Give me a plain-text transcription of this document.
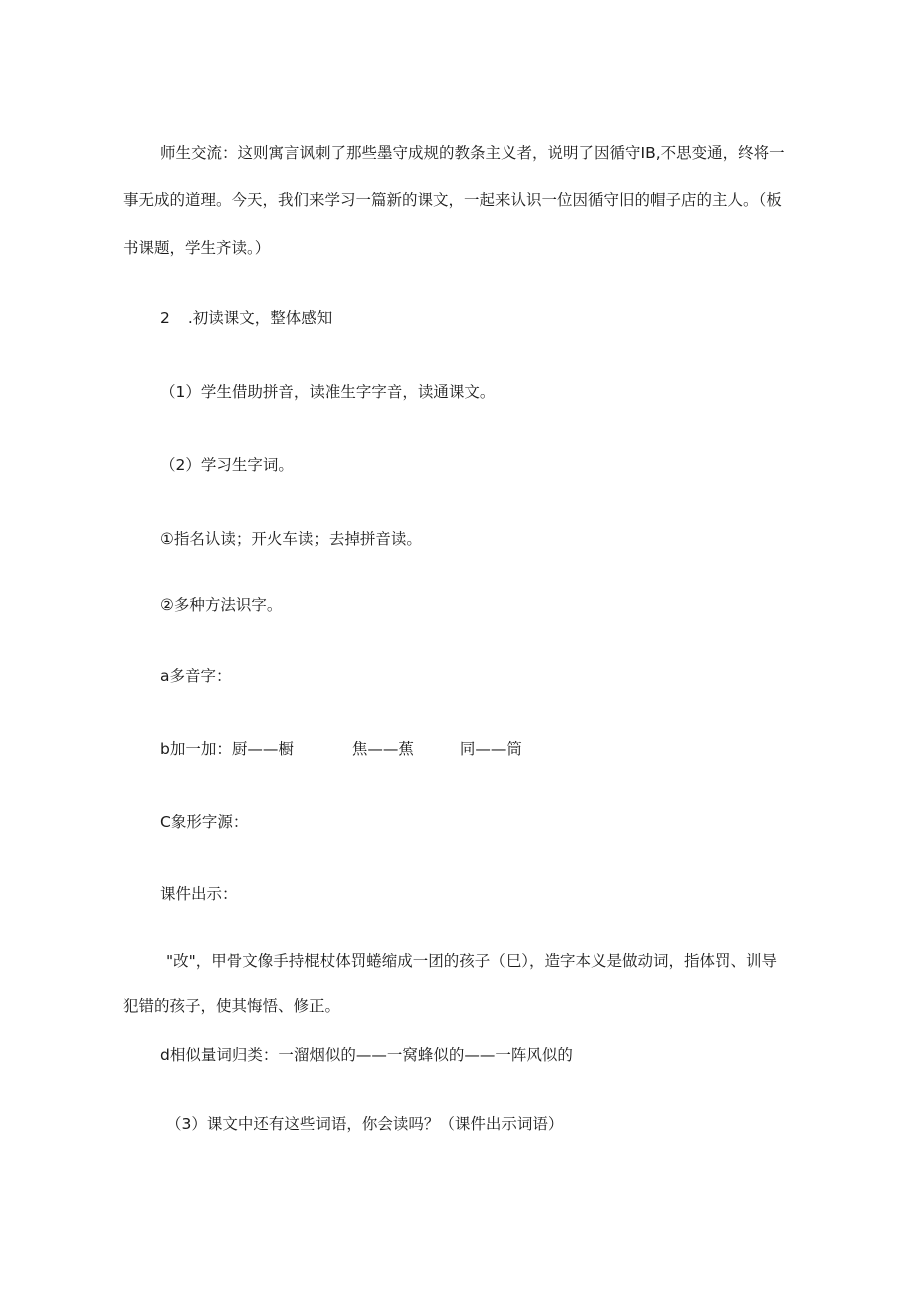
师生交流：这则寓言讽刺了那些墨守成规的教条主义者，说明了因循守IB,不思变通，终将一

事无成的道理。今天，我们来学习一篇新的课文，一起来认识一位因循守旧的帽子店的主人。（板

书课题，学生齐读。）

2 .初读课文，整体感知

（1）学生借助拼音，读准生字字音，读通课文。

（2）学习生字词。

①指名认读；开火车读；去掉拼音读。

②多种方法识字。

a多音字：

b加一加：厨——橱	焦——蕉	同——筒

C象形字源：

课件出示：

"改"，甲骨文像手持棍杖体罚蜷缩成一团的孩子（巳），造字本义是做动词，指体罚、训导

犯错的孩子，使其悔悟、修正。

d相似量词归类：一溜烟似的——一窝蜂似的——一阵风似的

（3）课文中还有这些词语，你会读吗？（课件出示词语）
